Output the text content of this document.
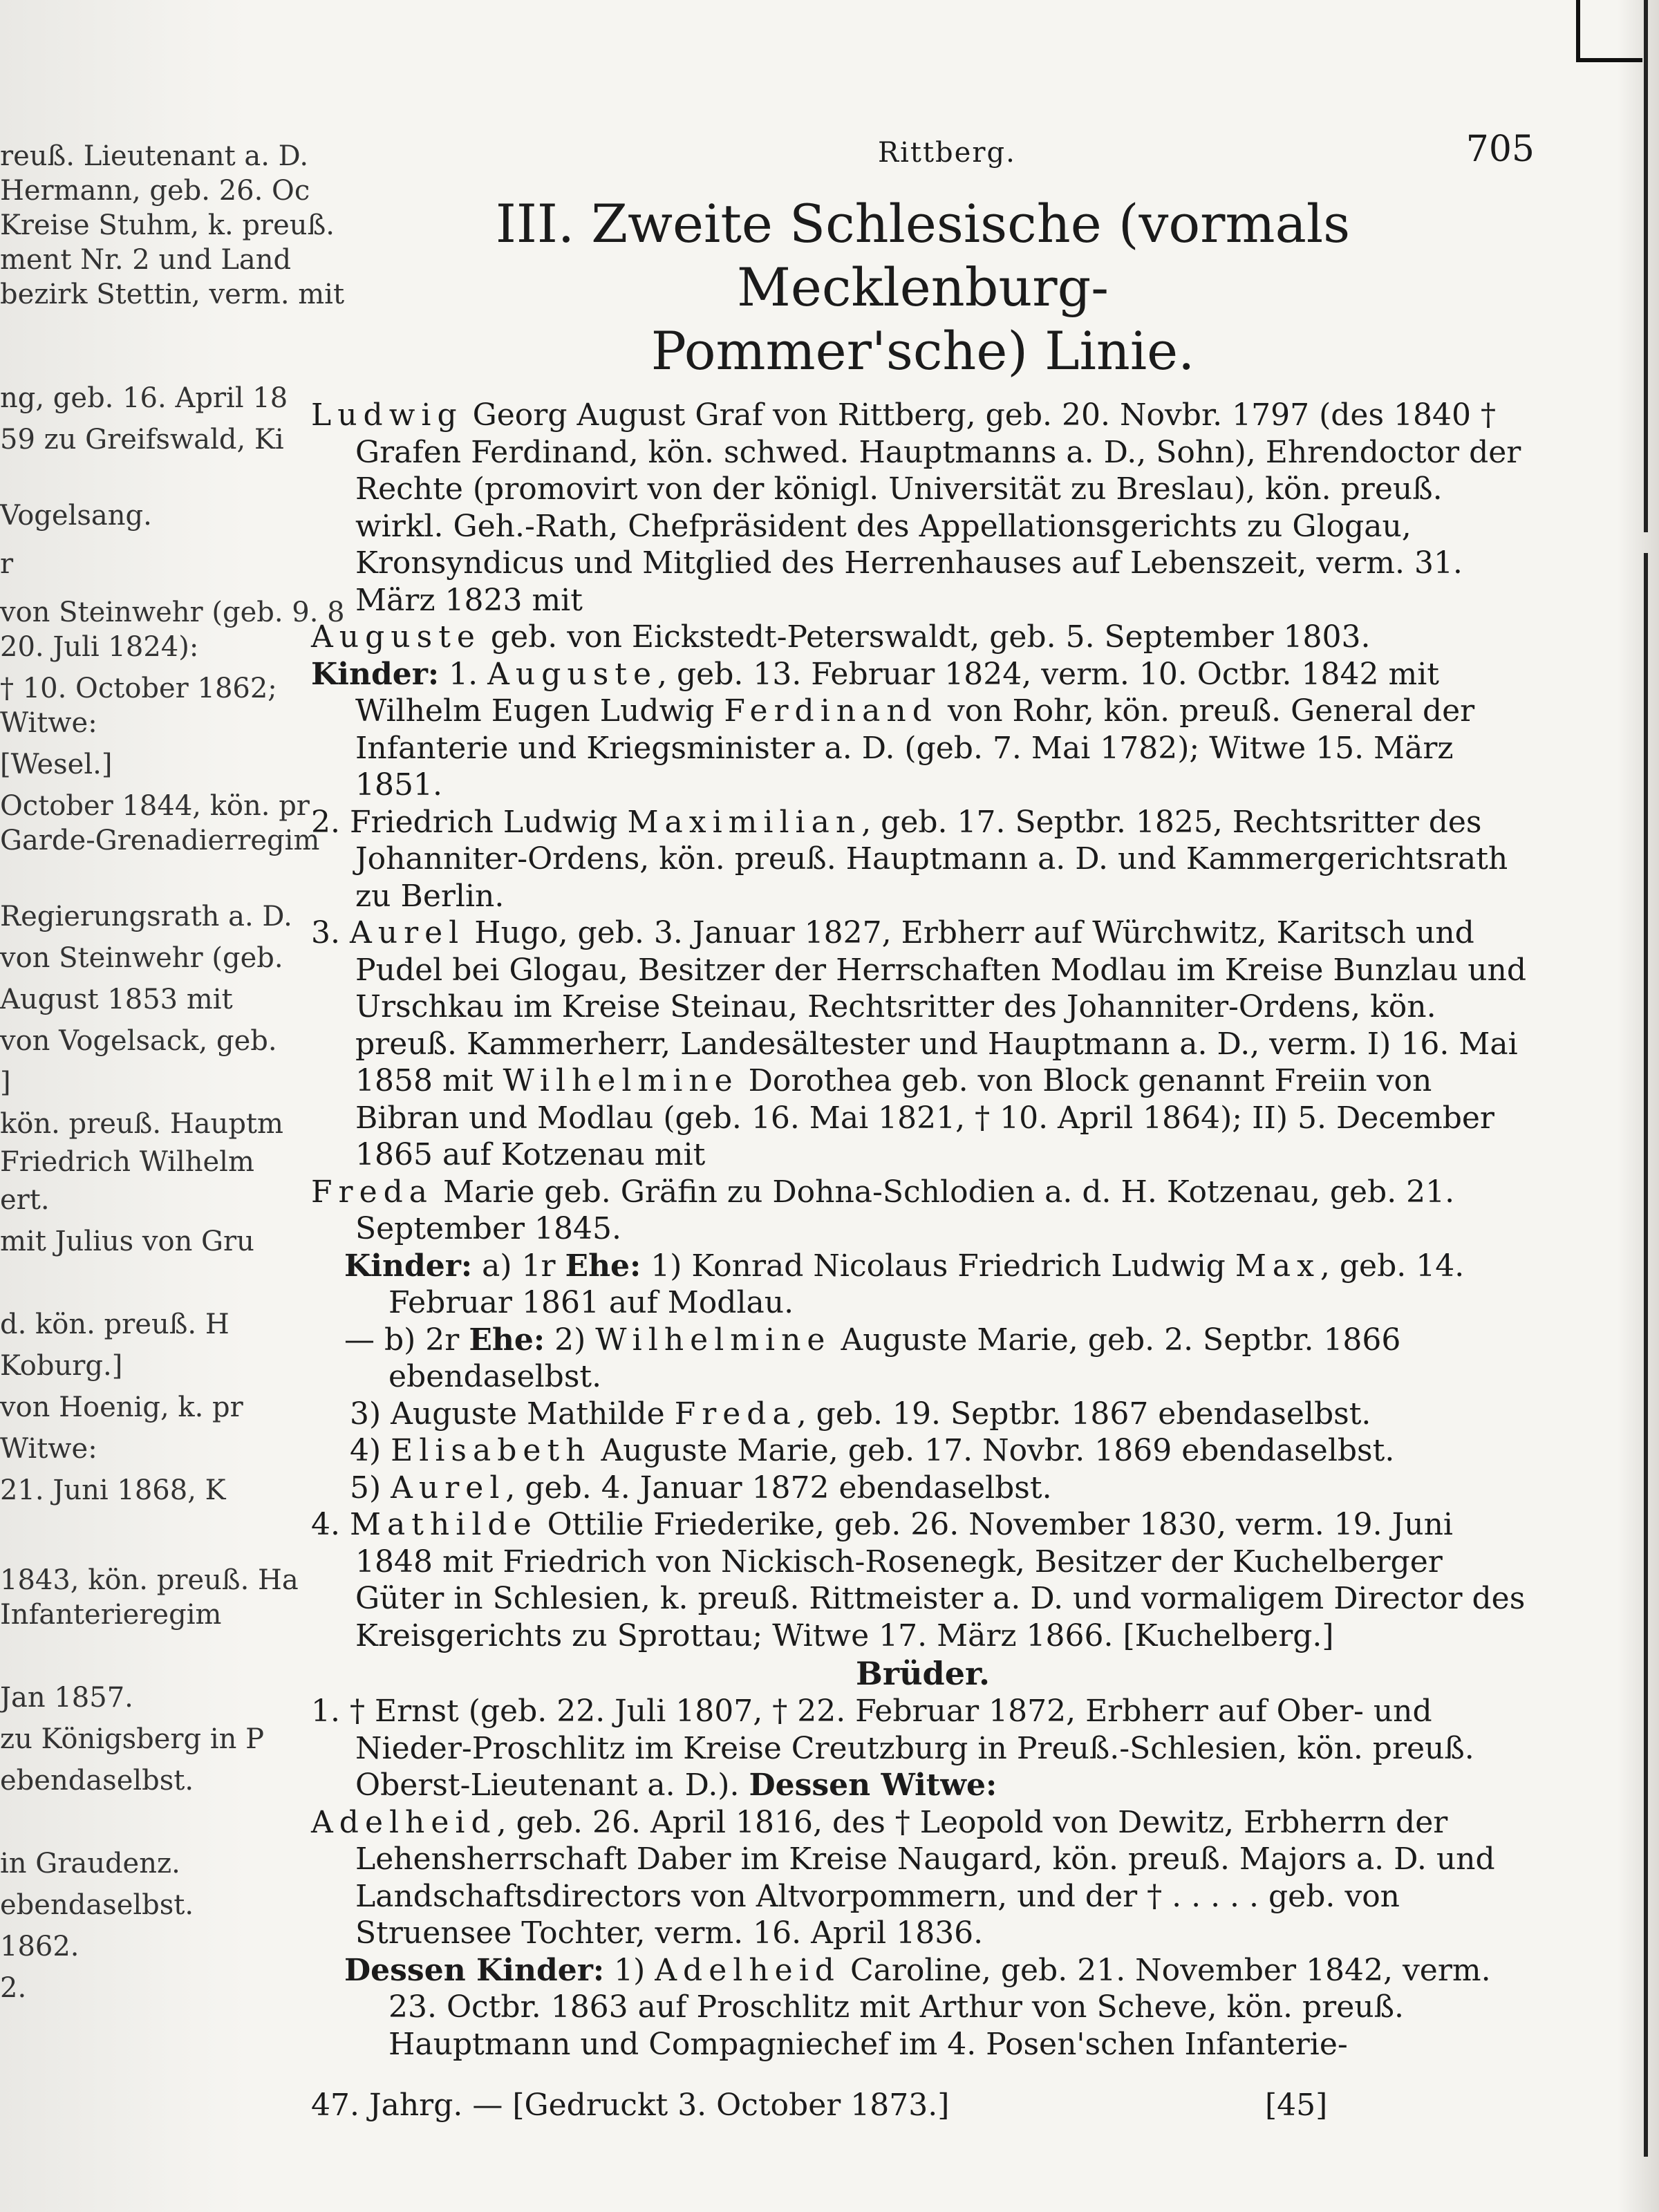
reuß. Lieutenant a. D.
Hermann, geb. 26. Oc
Kreise Stuhm, k. preuß.
ment Nr. 2 und Land
bezirk Stettin, verm. mit
ng, geb. 16. April 18
59 zu Greifswald, Ki
Vogelsang.
r
von Steinwehr (geb. 9. 8
20. Juli 1824):
† 10. October 1862;
Witwe:
[Wesel.]
October 1844, kön. pr
Garde-Grenadierregim
Regierungsrath a. D.
von Steinwehr (geb.
August 1853 mit
von Vogelsack, geb.
]
kön. preuß. Hauptm
Friedrich Wilhelm
ert.
mit Julius von Gru
d. kön. preuß. H
Koburg.]
von Hoenig, k. pr
Witwe:
21. Juni 1868, K
1843, kön. preuß. Ha
Infanterieregim
Jan 1857.
zu Königsberg in P
ebendaselbst.
in Graudenz.
ebendaselbst.
1862.
2.
Rittberg.	705
III. Zweite Schlesische (vormals Mecklenburg-
Pommer'sche) Linie.

Ludwig Georg August Graf von Rittberg, geb. 20. Novbr. 1797 (des 1840 † Grafen Ferdinand, kön. schwed. Hauptmanns a. D., Sohn), Ehrendoctor der Rechte (promovirt von der königl. Universität zu Breslau), kön. preuß. wirkl. Geh.-Rath, Chefpräsident des Appellationsgerichts zu Glogau, Kronsyndicus und Mitglied des Herrenhauses auf Lebenszeit, verm. 31. März 1823 mit

Auguste geb. von Eickstedt-Peterswaldt, geb. 5. September 1803.

Kinder: 1. Auguste, geb. 13. Februar 1824, verm. 10. Octbr. 1842 mit Wilhelm Eugen Ludwig Ferdinand von Rohr, kön. preuß. General der Infanterie und Kriegsminister a. D. (geb. 7. Mai 1782); Witwe 15. März 1851.

2. Friedrich Ludwig Maximilian, geb. 17. Septbr. 1825, Rechtsritter des Johanniter-Ordens, kön. preuß. Hauptmann a. D. und Kammergerichtsrath zu Berlin.

3. Aurel Hugo, geb. 3. Januar 1827, Erbherr auf Würchwitz, Karitsch und Pudel bei Glogau, Besitzer der Herrschaften Modlau im Kreise Bunzlau und Urschkau im Kreise Steinau, Rechtsritter des Johanniter-Ordens, kön. preuß. Kammerherr, Landesältester und Hauptmann a. D., verm. I) 16. Mai 1858 mit Wilhelmine Dorothea geb. von Block genannt Freiin von Bibran und Modlau (geb. 16. Mai 1821, † 10. April 1864); II) 5. December 1865 auf Kotzenau mit

Freda Marie geb. Gräfin zu Dohna-Schlodien a. d. H. Kotzenau, geb. 21. September 1845.

Kinder: a) 1r Ehe: 1) Konrad Nicolaus Friedrich Ludwig Max, geb. 14. Februar 1861 auf Modlau.

— b) 2r Ehe: 2) Wilhelmine Auguste Marie, geb. 2. Septbr. 1866 ebendaselbst.

3) Auguste Mathilde Freda, geb. 19. Septbr. 1867 ebendaselbst.

4) Elisabeth Auguste Marie, geb. 17. Novbr. 1869 ebendaselbst.

5) Aurel, geb. 4. Januar 1872 ebendaselbst.

4. Mathilde Ottilie Friederike, geb. 26. November 1830, verm. 19. Juni 1848 mit Friedrich von Nickisch-Rosenegk, Besitzer der Kuchelberger Güter in Schlesien, k. preuß. Rittmeister a. D. und vormaligem Director des Kreisgerichts zu Sprottau; Witwe 17. März 1866. [Kuchelberg.]

Brüder.

1. † Ernst (geb. 22. Juli 1807, † 22. Februar 1872, Erbherr auf Ober- und Nieder-Proschlitz im Kreise Creutzburg in Preuß.-Schlesien, kön. preuß. Oberst-Lieutenant a. D.). Dessen Witwe:

Adelheid, geb. 26. April 1816, des † Leopold von Dewitz, Erbherrn der Lehensherrschaft Daber im Kreise Naugard, kön. preuß. Majors a. D. und Landschaftsdirectors von Altvorpommern, und der † . . . . . geb. von Struensee Tochter, verm. 16. April 1836.

Dessen Kinder: 1) Adelheid Caroline, geb. 21. November 1842, verm. 23. Octbr. 1863 auf Proschlitz mit Arthur von Scheve, kön. preuß. Hauptmann und Compagniechef im 4. Posen'schen Infanterie-

47. Jahrg. — [Gedruckt 3. October 1873.]	[45]
